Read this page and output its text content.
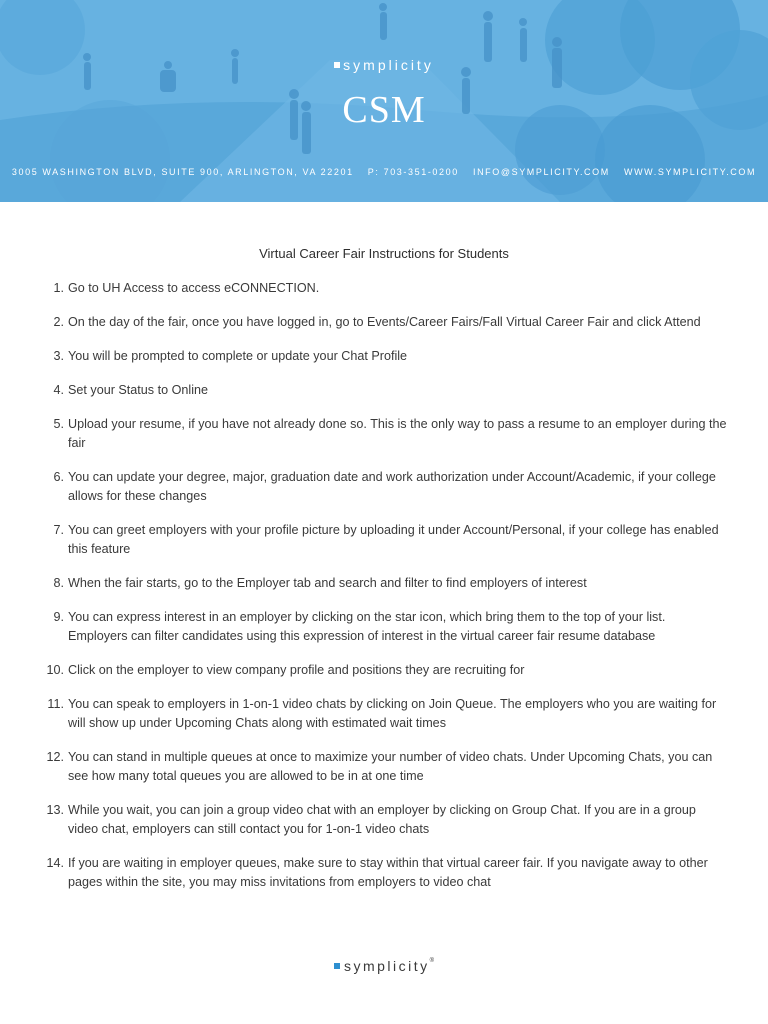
symplicity
CSM
3005 WASHINGTON BLVD, SUITE 900, ARLINGTON, VA 22201 P: 703-351-0200 INFO@SYMPLICITY.COM WWW.SYMPLICITY.COM
Virtual Career Fair Instructions for Students
1. Go to UH Access to access eCONNECTION.
2. On the day of the fair, once you have logged in, go to Events/Career Fairs/Fall Virtual Career Fair and click Attend
3. You will be prompted to complete or update your Chat Profile
4. Set your Status to Online
5. Upload your resume, if you have not already done so. This is the only way to pass a resume to an employer during the fair
6. You can update your degree, major, graduation date and work authorization under Account/Academic, if your college allows for these changes
7. You can greet employers with your profile picture by uploading it under Account/Personal, if your college has enabled this feature
8. When the fair starts, go to the Employer tab and search and filter to find employers of interest
9. You can express interest in an employer by clicking on the star icon, which bring them to the top of your list. Employers can filter candidates using this expression of interest in the virtual career fair resume database
10. Click on the employer to view company profile and positions they are recruiting for
11. You can speak to employers in 1-on-1 video chats by clicking on Join Queue. The employers who you are waiting for will show up under Upcoming Chats along with estimated wait times
12. You can stand in multiple queues at once to maximize your number of video chats. Under Upcoming Chats, you can see how many total queues you are allowed to be in at one time
13. While you wait, you can join a group video chat with an employer by clicking on Group Chat. If you are in a group video chat, employers can still contact you for 1-on-1 video chats
14. If you are waiting in employer queues, make sure to stay within that virtual career fair. If you navigate away to other pages within the site, you may miss invitations from employers to video chat
symplicity®
